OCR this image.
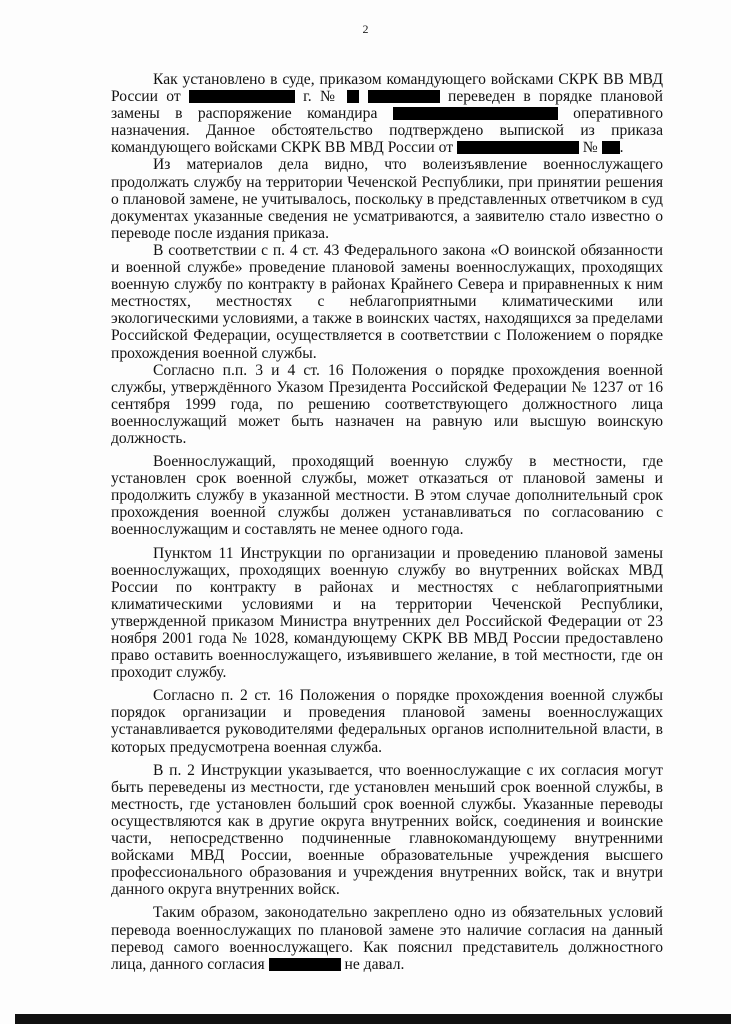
2

Как установлено в суде, приказом командующего войсками СКРК ВВ МВД России от	г. №	переведен в порядке плановой замены в распоряжение командира	оперативного назначения. Данное обстоятельство подтверждено выпиской из приказа командующего войсками СКРК ВВ МВД России от	№ .

Из материалов дела видно, что волеизъявление военнослужащего продолжать службу на территории Чеченской Республики, при принятии решения о плановой замене, не учитывалось, поскольку в представленных ответчиком в суд документах указанные сведения не усматриваются, а заявителю стало известно о переводе после издания приказа.

В соответствии с п. 4 ст. 43 Федерального закона «О воинской обязанности и военной службе» проведение плановой замены военнослужащих, проходящих военную службу по контракту в районах Крайнего Севера и приравненных к ним местностях, местностях с неблагоприятными климатическими или экологическими условиями, а также в воинских частях, находящихся за пределами Российской Федерации, осуществляется в соответствии с Положением о порядке прохождения военной службы.

Согласно п.п. 3 и 4 ст. 16 Положения о порядке прохождения военной службы, утверждённого Указом Президента Российской Федерации № 1237 от 16 сентября 1999 года, по решению соответствующего должностного лица военнослужащий может быть назначен на равную или высшую воинскую должность.

Военнослужащий, проходящий военную службу в местности, где установлен срок военной службы, может отказаться от плановой замены и продолжить службу в указанной местности. В этом случае дополнительный срок прохождения военной службы должен устанавливаться по согласованию с военнослужащим и составлять не менее одного года.

Пунктом 11 Инструкции по организации и проведению плановой замены военнослужащих, проходящих военную службу во внутренних войсках МВД России по контракту в районах и местностях с неблагоприятными климатическими условиями и на территории Чеченской Республики, утвержденной приказом Министра внутренних дел Российской Федерации от 23 ноября 2001 года № 1028, командующему СКРК ВВ МВД России предоставлено право оставить военнослужащего, изъявившего желание, в той местности, где он проходит службу.

Согласно п. 2 ст. 16 Положения о порядке прохождения военной службы порядок организации и проведения плановой замены военнослужащих устанавливается руководителями федеральных органов исполнительной власти, в которых предусмотрена военная служба.

В п. 2 Инструкции указывается, что военнослужащие с их согласия могут быть переведены из местности, где установлен меньший срок военной службы, в местность, где установлен больший срок военной службы. Указанные переводы осуществляются как в другие округа внутренних войск, соединения и воинские части, непосредственно подчиненные главнокомандующему внутренними войсками МВД России, военные образовательные учреждения высшего профессионального образования и учреждения внутренних войск, так и внутри данного округа внутренних войск.

Таким образом, законодательно закреплено одно из обязательных условий перевода военнослужащих по плановой замене это наличие согласия на данный перевод самого военнослужащего. Как пояснил представитель должностного лица, данного согласия	не давал.
